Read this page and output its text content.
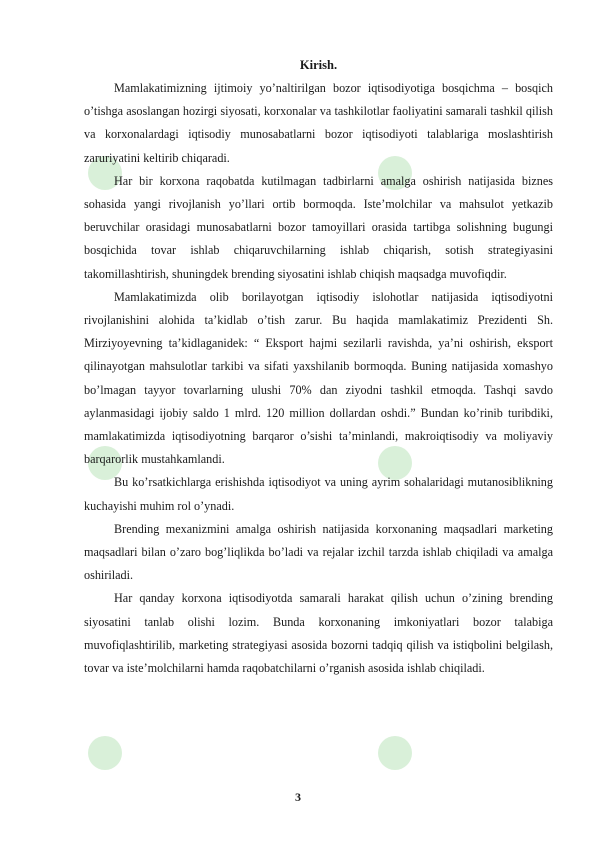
Kirish.

Mamlakatimizning ijtimoiy yo’naltirilgan bozor iqtisodiyotiga bosqichma – bosqich o’tishga asoslangan hozirgi siyosati, korxonalar va tashkilotlar faoliyatini samarali tashkil qilish va korxonalardagi iqtisodiy munosabatlarni bozor iqtisodiyoti talablariga moslashtirish zaruriyatini keltirib chiqaradi.

Har bir korxona raqobatda kutilmagan tadbirlarni amalga oshirish natijasida biznes sohasida yangi rivojlanish yo’llari ortib bormoqda. Iste’molchilar va mahsulot yetkazib beruvchilar orasidagi munosabatlarni bozor tamoyillari orasida tartibga solishning bugungi bosqichida tovar ishlab chiqaruvchilarning ishlab chiqarish, sotish strategiyasini takomillashtirish, shuningdek brending siyosatini ishlab chiqish maqsadga muvofiqdir.

Mamlakatimizda olib borilayotgan iqtisodiy islohotlar natijasida iqtisodiyotni rivojlanishini alohida ta’kidlab o’tish zarur. Bu haqida mamlakatimiz Prezidenti Sh. Mirziyoyevning ta’kidlaganidek: “ Eksport hajmi sezilarli ravishda, ya’ni oshirish, eksport qilinayotgan mahsulotlar tarkibi va sifati yaxshilanib bormoqda. Buning natijasida xomashyo bo’lmagan tayyor tovarlarning ulushi 70% dan ziyodni tashkil etmoqda. Tashqi savdo aylanmasidagi ijobiy saldo 1 mlrd. 120 million dollardan oshdi.” Bundan ko’rinib turibdiki, mamlakatimizda iqtisodiyotning barqaror o’sishi ta’minlandi, makroiqtisodiy va moliyaviy barqarorlik mustahkamlandi.

Bu ko’rsatkichlarga erishishda iqtisodiyot va uning ayrim sohalaridagi mutanosiblikning kuchayishi muhim rol o’ynadi.

Brending mexanizmini amalga oshirish natijasida korxonaning maqsadlari marketing maqsadlari bilan o’zaro bog’liqlikda bo’ladi va rejalar izchil tarzda ishlab chiqiladi va amalga oshiriladi.

Har qanday korxona iqtisodiyotda samarali harakat qilish uchun o’zining brending siyosatini tanlab olishi lozim. Bunda korxonaning imkoniyatlari bozor talabiga muvofiqlashtirilib, marketing strategiyasi asosida bozorni tadqiq qilish va istiqbolini belgilash, tovar va iste’molchilarni hamda raqobatchilarni o’rganish asosida ishlab chiqiladi.

3
